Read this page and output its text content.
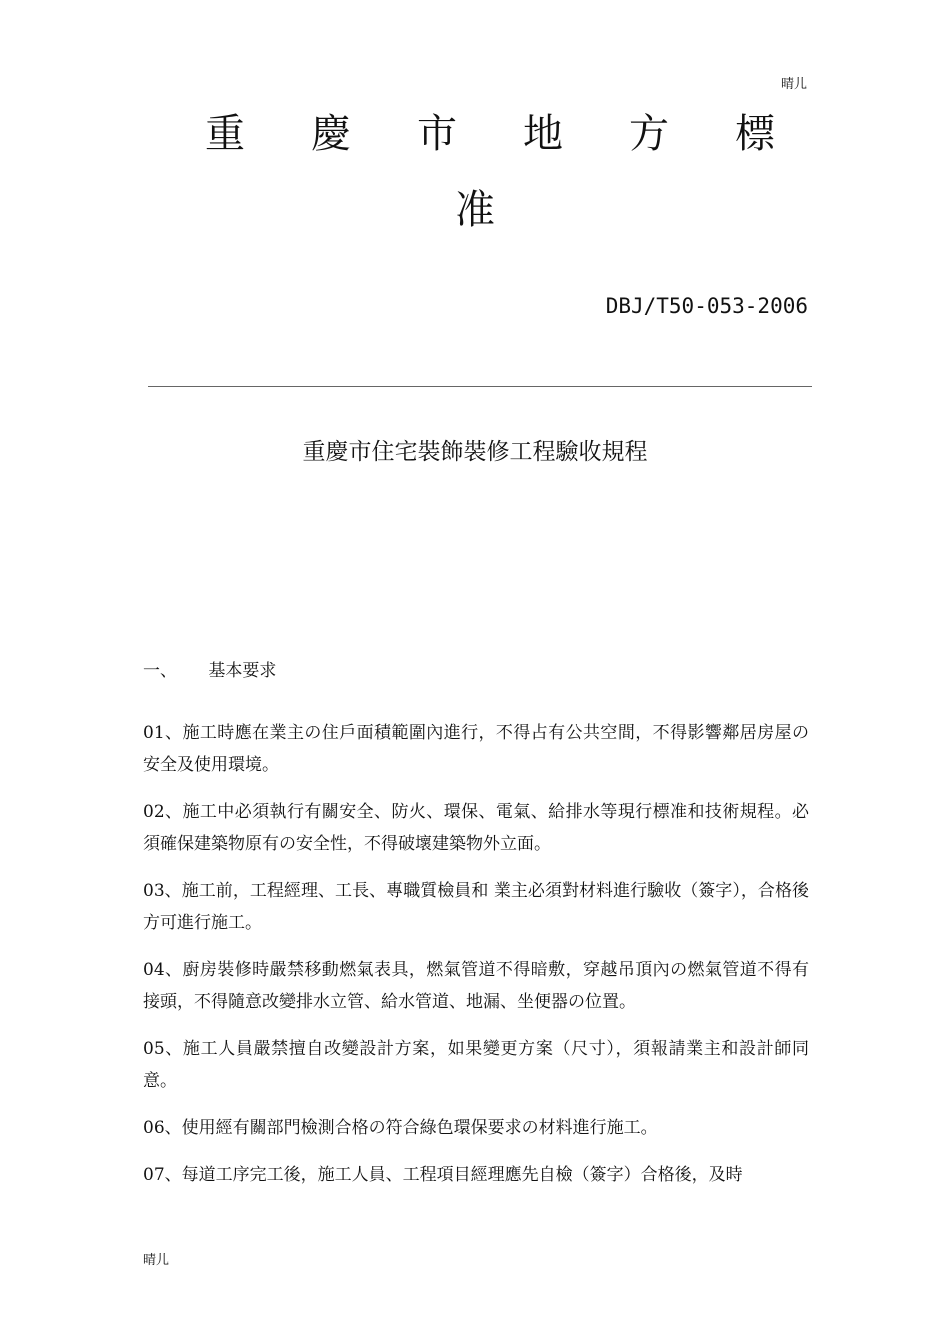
晴儿
重 慶 市 地 方 標
准
DBJ/T50-053-2006
重慶市住宅裝飾裝修工程驗收規程
一、 基本要求

01、施工時應在業主の住戶面積範圍內進行，不得占有公共空間，不得影響鄰居房屋の安全及使用環境。

02、施工中必須執行有關安全、防火、環保、電氣、給排水等現行標准和技術規程。必須確保建築物原有の安全性，不得破壞建築物外立面。

03、施工前，工程經理、工長、專職質檢員和 業主必須對材料進行驗收（簽字），合格後方可進行施工。

04、廚房裝修時嚴禁移動燃氣表具，燃氣管道不得暗敷，穿越吊頂內の燃氣管道不得有接頭，不得隨意改變排水立管、給水管道、地漏、坐便器の位置。

05、施工人員嚴禁擅自改變設計方案，如果變更方案（尺寸），須報請業主和設計師同意。

06、使用經有關部門檢測合格の符合綠色環保要求の材料進行施工。

07、每道工序完工後，施工人員、工程項目經理應先自檢（簽字）合格後，及時

晴儿
